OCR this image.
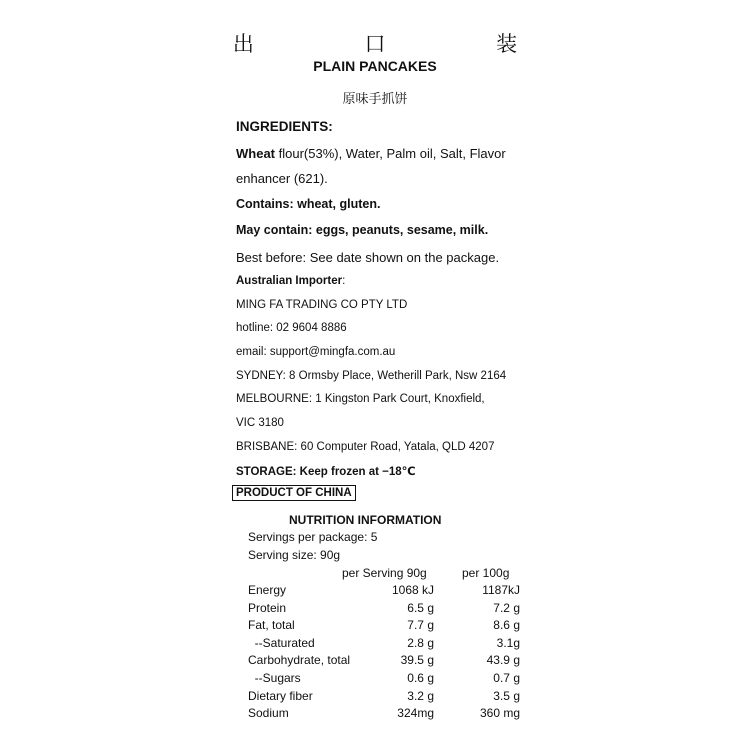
出 口 装
PLAIN PANCAKES
原味手抓饼
INGREDIENTS:
Wheat flour(53%), Water, Palm oil, Salt, Flavor
enhancer (621).
Contains: wheat, gluten.
May contain: eggs, peanuts, sesame, milk.
Best before: See date shown on the package.
Australian Importer:
MING FA TRADING CO PTY LTD
hotline: 02 9604 8886
email: support@mingfa.com.au
SYDNEY: 8 Ormsby Place, Wetherill Park, Nsw 2164
MELBOURNE: 1 Kingston Park Court, Knoxfield,
VIC 3180
BRISBANE: 60 Computer Road, Yatala, QLD 4207
STORAGE: Keep frozen at −18℃
PRODUCT OF CHINA
NUTRITION INFORMATION
Servings per package: 5
Serving size: 90g
per Serving 90g	per 100g
Energy	1068 kJ	1187kJ
Protein	6.5 g	7.2 g
Fat, total	7.7 g	8.6 g
--Saturated	2.8 g	3.1g
Carbohydrate, total	39.5 g	43.9 g
--Sugars	0.6 g	0.7 g
Dietary fiber	3.2 g	3.5 g
Sodium	324mg	360 mg
